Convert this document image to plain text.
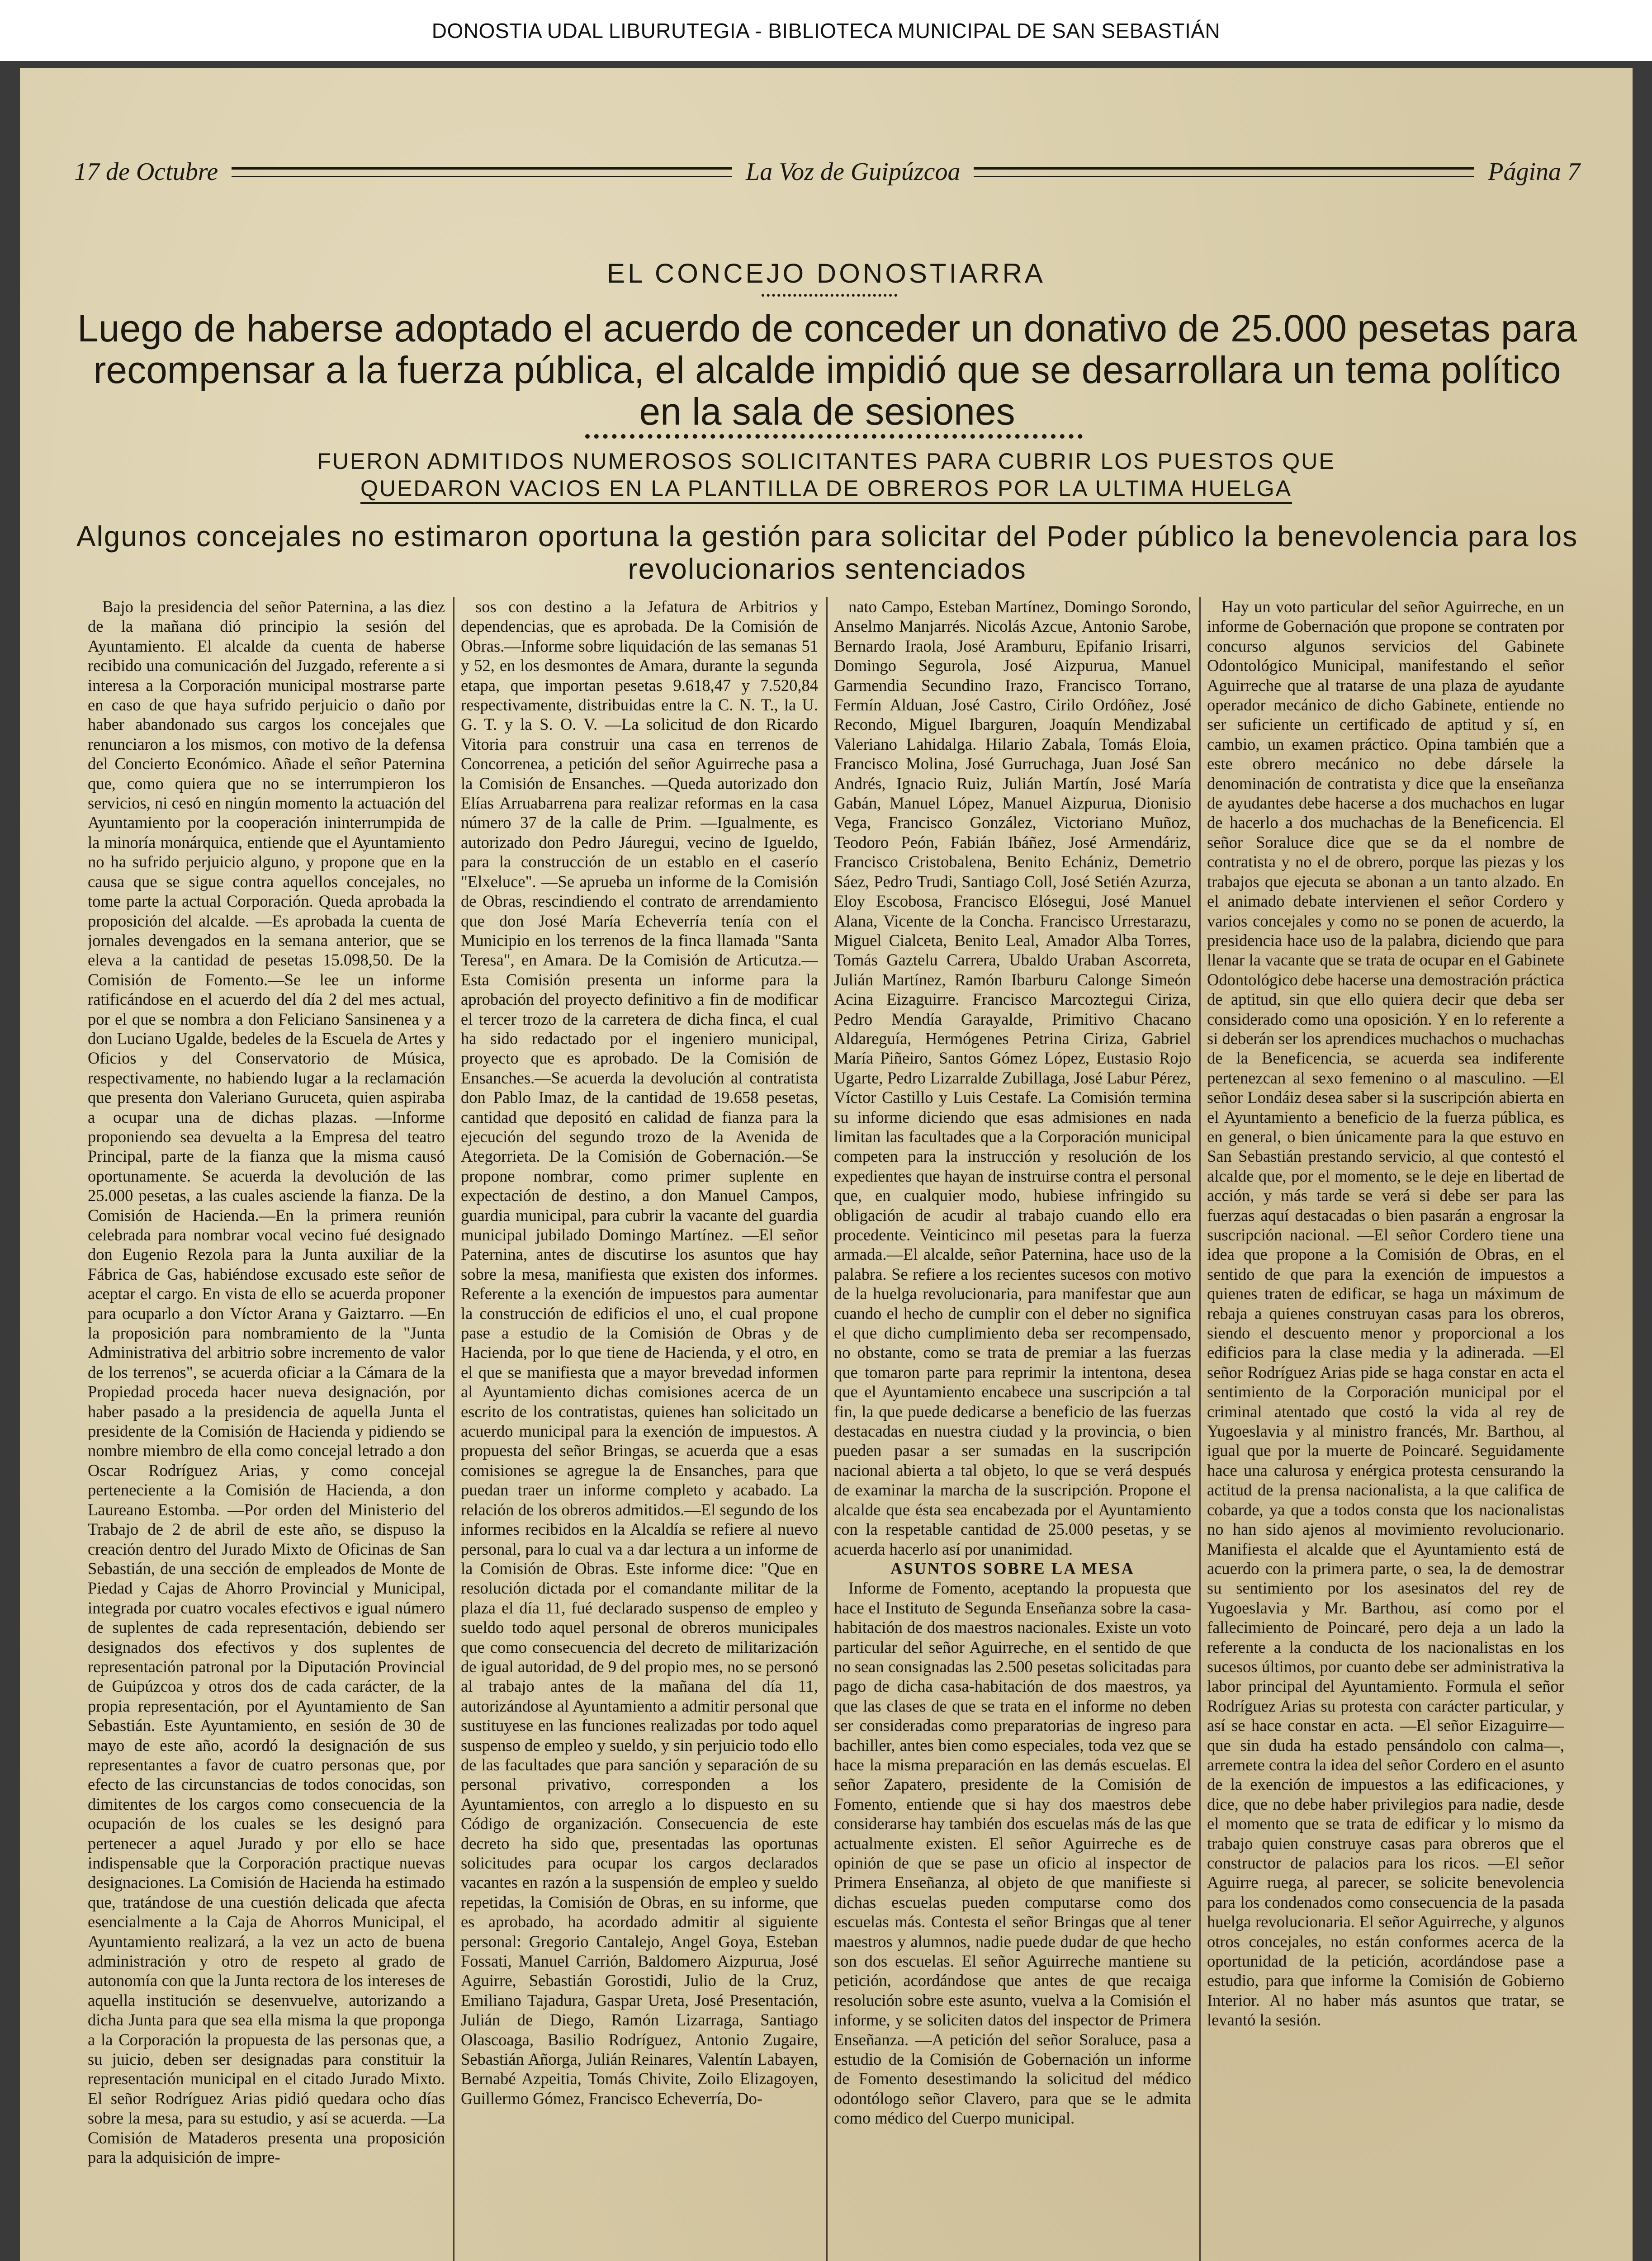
DONOSTIA UDAL LIBURUTEGIA - BIBLIOTECA MUNICIPAL DE SAN SEBASTIÁN
17 de Octubre	La Voz de Guipúzcoa	Página 7
EL CONCEJO DONOSTIARRA
Luego de haberse adoptado el acuerdo de conceder un donativo de 25.000 pesetas para recompensar a la fuerza pública, el alcalde impidió que se desarrollara un tema político en la sala de sesiones
FUERON ADMITIDOS NUMEROSOS SOLICITANTES PARA CUBRIR LOS PUESTOS QUE
QUEDARON VACIOS EN LA PLANTILLA DE OBREROS POR LA ULTIMA HUELGA
Algunos concejales no estimaron oportuna la gestión para solicitar del Poder público la benevolencia para los revolucionarios sentenciados

Bajo la presidencia del señor Paternina, a las diez de la mañana dió principio la sesión del Ayuntamiento. El alcalde da cuenta de haberse recibido una comunicación del Juzgado, referente a si interesa a la Corporación municipal mostrarse parte en caso de que haya sufrido perjuicio o daño por haber abandonado sus cargos los concejales que renunciaron a los mismos, con motivo de la defensa del Concierto Económico. Añade el señor Paternina que, como quiera que no se interrumpieron los servicios, ni cesó en ningún momento la actuación del Ayuntamiento por la cooperación ininterrumpida de la minoría monárquica, entiende que el Ayuntamiento no ha sufrido perjuicio alguno, y propone que en la causa que se sigue contra aquellos concejales, no tome parte la actual Corporación. Queda aprobada la proposición del alcalde. —Es aprobada la cuenta de jornales devengados en la semana anterior, que se eleva a la cantidad de pesetas 15.098,50. De la Comisión de Fomento.—Se lee un informe ratificándose en el acuerdo del día 2 del mes actual, por el que se nombra a don Feliciano Sansinenea y a don Luciano Ugalde, bedeles de la Escuela de Artes y Oficios y del Conservatorio de Música, respectivamente, no habiendo lugar a la reclamación que presenta don Valeriano Guruceta, quien aspiraba a ocupar una de dichas plazas. —Informe proponiendo sea devuelta a la Empresa del teatro Principal, parte de la fianza que la misma causó oportunamente. Se acuerda la devolución de las 25.000 pesetas, a las cuales asciende la fianza. De la Comisión de Hacienda.—En la primera reunión celebrada para nombrar vocal vecino fué designado don Eugenio Rezola para la Junta auxiliar de la Fábrica de Gas, habiéndose excusado este señor de aceptar el cargo. En vista de ello se acuerda proponer para ocuparlo a don Víctor Arana y Gaiztarro. —En la proposición para nombramiento de la "Junta Administrativa del arbitrio sobre incremento de valor de los terrenos", se acuerda oficiar a la Cámara de la Propiedad proceda hacer nueva designación, por haber pasado a la presidencia de aquella Junta el presidente de la Comisión de Hacienda y pidiendo se nombre miembro de ella como concejal letrado a don Oscar Rodríguez Arias, y como concejal perteneciente a la Comisión de Hacienda, a don Laureano Estomba. —Por orden del Ministerio del Trabajo de 2 de abril de este año, se dispuso la creación dentro del Jurado Mixto de Oficinas de San Sebastián, de una sección de empleados de Monte de Piedad y Cajas de Ahorro Provincial y Municipal, integrada por cuatro vocales efectivos e igual número de suplentes de cada representación, debiendo ser designados dos efectivos y dos suplentes de representación patronal por la Diputación Provincial de Guipúzcoa y otros dos de cada carácter, de la propia representación, por el Ayuntamiento de San Sebastián. Este Ayuntamiento, en sesión de 30 de mayo de este año, acordó la designación de sus representantes a favor de cuatro personas que, por efecto de las circunstancias de todos conocidas, son dimitentes de los cargos como consecuencia de la ocupación de los cuales se les designó para pertenecer a aquel Jurado y por ello se hace indispensable que la Corporación practique nuevas designaciones. La Comisión de Hacienda ha estimado que, tratándose de una cuestión delicada que afecta esencialmente a la Caja de Ahorros Municipal, el Ayuntamiento realizará, a la vez un acto de buena administración y otro de respeto al grado de autonomía con que la Junta rectora de los intereses de aquella institución se desenvuelve, autorizando a dicha Junta para que sea ella misma la que proponga a la Corporación la propuesta de las personas que, a su juicio, deben ser designadas para constituir la representación municipal en el citado Jurado Mixto. El señor Rodríguez Arias pidió quedara ocho días sobre la mesa, para su estudio, y así se acuerda. —La Comisión de Mataderos presenta una proposición para la adquisición de impre-

sos con destino a la Jefatura de Arbitrios y dependencias, que es aprobada. De la Comisión de Obras.—Informe sobre liquidación de las semanas 51 y 52, en los desmontes de Amara, durante la segunda etapa, que importan pesetas 9.618,47 y 7.520,84 respectivamente, distribuidas entre la C. N. T., la U. G. T. y la S. O. V. —La solicitud de don Ricardo Vitoria para construir una casa en terrenos de Concorrenea, a petición del señor Aguirreche pasa a la Comisión de Ensanches. —Queda autorizado don Elías Arruabarrena para realizar reformas en la casa número 37 de la calle de Prim. —Igualmente, es autorizado don Pedro Jáuregui, vecino de Igueldo, para la construcción de un establo en el caserío "Elxeluce". —Se aprueba un informe de la Comisión de Obras, rescindiendo el contrato de arrendamiento que don José María Echeverría tenía con el Municipio en los terrenos de la finca llamada "Santa Teresa", en Amara. De la Comisión de Articutza.—Esta Comisión presenta un informe para la aprobación del proyecto definitivo a fin de modificar el tercer trozo de la carretera de dicha finca, el cual ha sido redactado por el ingeniero municipal, proyecto que es aprobado. De la Comisión de Ensanches.—Se acuerda la devolución al contratista don Pablo Imaz, de la cantidad de 19.658 pesetas, cantidad que depositó en calidad de fianza para la ejecución del segundo trozo de la Avenida de Ategorrieta. De la Comisión de Gobernación.—Se propone nombrar, como primer suplente en expectación de destino, a don Manuel Campos, guardia municipal, para cubrir la vacante del guardia municipal jubilado Domingo Martínez. —El señor Paternina, antes de discutirse los asuntos que hay sobre la mesa, manifiesta que existen dos informes. Referente a la exención de impuestos para aumentar la construcción de edificios el uno, el cual propone pase a estudio de la Comisión de Obras y de Hacienda, por lo que tiene de Hacienda, y el otro, en el que se manifiesta que a mayor brevedad informen al Ayuntamiento dichas comisiones acerca de un escrito de los contratistas, quienes han solicitado un acuerdo municipal para la exención de impuestos. A propuesta del señor Bringas, se acuerda que a esas comisiones se agregue la de Ensanches, para que puedan traer un informe completo y acabado. La relación de los obreros admitidos.—El segundo de los informes recibidos en la Alcaldía se refiere al nuevo personal, para lo cual va a dar lectura a un informe de la Comisión de Obras. Este informe dice: "Que en resolución dictada por el comandante militar de la plaza el día 11, fué declarado suspenso de empleo y sueldo todo aquel personal de obreros municipales que como consecuencia del decreto de militarización de igual autoridad, de 9 del propio mes, no se personó al trabajo antes de la mañana del día 11, autorizándose al Ayuntamiento a admitir personal que sustituyese en las funciones realizadas por todo aquel suspenso de empleo y sueldo, y sin perjuicio todo ello de las facultades que para sanción y separación de su personal privativo, corresponden a los Ayuntamientos, con arreglo a lo dispuesto en su Código de organización. Consecuencia de este decreto ha sido que, presentadas las oportunas solicitudes para ocupar los cargos declarados vacantes en razón a la suspensión de empleo y sueldo repetidas, la Comisión de Obras, en su informe, que es aprobado, ha acordado admitir al siguiente personal: Gregorio Cantalejo, Angel Goya, Esteban Fossati, Manuel Carrión, Baldomero Aizpurua, José Aguirre, Sebastián Gorostidi, Julio de la Cruz, Emiliano Tajadura, Gaspar Ureta, José Presentación, Julián de Diego, Ramón Lizarraga, Santiago Olascoaga, Basilio Rodríguez, Antonio Zugaire, Sebastián Añorga, Julián Reinares, Valentín Labayen, Bernabé Azpeitia, Tomás Chivite, Zoilo Elizagoyen, Guillermo Gómez, Francisco Echeverría, Do-

nato Campo, Esteban Martínez, Domingo Sorondo, Anselmo Manjarrés. Nicolás Azcue, Antonio Sarobe, Bernardo Iraola, José Aramburu, Epifanio Irisarri, Domingo Segurola, José Aizpurua, Manuel Garmendia Secundino Irazo, Francisco Torrano, Fermín Alduan, José Castro, Cirilo Ordóñez, José Recondo, Miguel Ibarguren, Joaquín Mendizabal Valeriano Lahidalga. Hilario Zabala, Tomás Eloia, Francisco Molina, José Gurruchaga, Juan José San Andrés, Ignacio Ruiz, Julián Martín, José María Gabán, Manuel López, Manuel Aizpurua, Dionisio Vega, Francisco González, Victoriano Muñoz, Teodoro Peón, Fabián Ibáñez, José Armendáriz, Francisco Cristobalena, Benito Echániz, Demetrio Sáez, Pedro Trudi, Santiago Coll, José Setién Azurza, Eloy Escobosa, Francisco Elósegui, José Manuel Alana, Vicente de la Concha. Francisco Urrestarazu, Miguel Cialceta, Benito Leal, Amador Alba Torres, Tomás Gaztelu Carrera, Ubaldo Uraban Ascorreta, Julián Martínez, Ramón Ibarburu Calonge Simeón Acina Eizaguirre. Francisco Marcoztegui Ciriza, Pedro Mendía Garayalde, Primitivo Chacano Aldareguía, Hermógenes Petrina Ciriza, Gabriel María Piñeiro, Santos Gómez López, Eustasio Rojo Ugarte, Pedro Lizarralde Zubillaga, José Labur Pérez, Víctor Castillo y Luis Cestafe. La Comisión termina su informe diciendo que esas admisiones en nada limitan las facultades que a la Corporación municipal competen para la instrucción y resolución de los expedientes que hayan de instruirse contra el personal que, en cualquier modo, hubiese infringido su obligación de acudir al trabajo cuando ello era procedente. Veinticinco mil pesetas para la fuerza armada.—El alcalde, señor Paternina, hace uso de la palabra. Se refiere a los recientes sucesos con motivo de la huelga revolucionaria, para manifestar que aun cuando el hecho de cumplir con el deber no significa el que dicho cumplimiento deba ser recompensado, no obstante, como se trata de premiar a las fuerzas que tomaron parte para reprimir la intentona, desea que el Ayuntamiento encabece una suscripción a tal fin, la que puede dedicarse a beneficio de las fuerzas destacadas en nuestra ciudad y la provincia, o bien pueden pasar a ser sumadas en la suscripción nacional abierta a tal objeto, lo que se verá después de examinar la marcha de la suscripción. Propone el alcalde que ésta sea encabezada por el Ayuntamiento con la respetable cantidad de 25.000 pesetas, y se acuerda hacerlo así por unanimidad.

ASUNTOS SOBRE LA MESA

Informe de Fomento, aceptando la propuesta que hace el Instituto de Segunda Enseñanza sobre la casa-habitación de dos maestros nacionales. Existe un voto particular del señor Aguirreche, en el sentido de que no sean consignadas las 2.500 pesetas solicitadas para pago de dicha casa-habitación de dos maestros, ya que las clases de que se trata en el informe no deben ser consideradas como preparatorias de ingreso para bachiller, antes bien como especiales, toda vez que se hace la misma preparación en las demás escuelas. El señor Zapatero, presidente de la Comisión de Fomento, entiende que si hay dos maestros debe considerarse hay también dos escuelas más de las que actualmente existen. El señor Aguirreche es de opinión de que se pase un oficio al inspector de Primera Enseñanza, al objeto de que manifieste si dichas escuelas pueden computarse como dos escuelas más. Contesta el señor Bringas que al tener maestros y alumnos, nadie puede dudar de que hecho son dos escuelas. El señor Aguirreche mantiene su petición, acordándose que antes de que recaiga resolución sobre este asunto, vuelva a la Comisión el informe, y se soliciten datos del inspector de Primera Enseñanza. —A petición del señor Soraluce, pasa a estudio de la Comisión de Gobernación un informe de Fomento desestimando la solicitud del médico odontólogo señor Clavero, para que se le admita como médico del Cuerpo municipal.

Hay un voto particular del señor Aguirreche, en un informe de Gobernación que propone se contraten por concurso algunos servicios del Gabinete Odontológico Municipal, manifestando el señor Aguirreche que al tratarse de una plaza de ayudante operador mecánico de dicho Gabinete, entiende no ser suficiente un certificado de aptitud y sí, en cambio, un examen práctico. Opina también que a este obrero mecánico no debe dársele la denominación de contratista y dice que la enseñanza de ayudantes debe hacerse a dos muchachos en lugar de hacerlo a dos muchachas de la Beneficencia. El señor Soraluce dice que se da el nombre de contratista y no el de obrero, porque las piezas y los trabajos que ejecuta se abonan a un tanto alzado. En el animado debate intervienen el señor Cordero y varios concejales y como no se ponen de acuerdo, la presidencia hace uso de la palabra, diciendo que para llenar la vacante que se trata de ocupar en el Gabinete Odontológico debe hacerse una demostración práctica de aptitud, sin que ello quiera decir que deba ser considerado como una oposición. Y en lo referente a si deberán ser los aprendices muchachos o muchachas de la Beneficencia, se acuerda sea indiferente pertenezcan al sexo femenino o al masculino. —El señor Londáiz desea saber si la suscripción abierta en el Ayuntamiento a beneficio de la fuerza pública, es en general, o bien únicamente para la que estuvo en San Sebastián prestando servicio, al que contestó el alcalde que, por el momento, se le deje en libertad de acción, y más tarde se verá si debe ser para las fuerzas aquí destacadas o bien pasarán a engrosar la suscripción nacional. —El señor Cordero tiene una idea que propone a la Comisión de Obras, en el sentido de que para la exención de impuestos a quienes traten de edificar, se haga un máximum de rebaja a quienes construyan casas para los obreros, siendo el descuento menor y proporcional a los edificios para la clase media y la adinerada. —El señor Rodríguez Arias pide se haga constar en acta el sentimiento de la Corporación municipal por el criminal atentado que costó la vida al rey de Yugoeslavia y al ministro francés, Mr. Barthou, al igual que por la muerte de Poincaré. Seguidamente hace una calurosa y enérgica protesta censurando la actitud de la prensa nacionalista, a la que califica de cobarde, ya que a todos consta que los nacionalistas no han sido ajenos al movimiento revolucionario. Manifiesta el alcalde que el Ayuntamiento está de acuerdo con la primera parte, o sea, la de demostrar su sentimiento por los asesinatos del rey de Yugoeslavia y Mr. Barthou, así como por el fallecimiento de Poincaré, pero deja a un lado la referente a la conducta de los nacionalistas en los sucesos últimos, por cuanto debe ser administrativa la labor principal del Ayuntamiento. Formula el señor Rodríguez Arias su protesta con carácter particular, y así se hace constar en acta. —El señor Eizaguirre—que sin duda ha estado pensándolo con calma—, arremete contra la idea del señor Cordero en el asunto de la exención de impuestos a las edificaciones, y dice, que no debe haber privilegios para nadie, desde el momento que se trata de edificar y lo mismo da trabajo quien construye casas para obreros que el constructor de palacios para los ricos. —El señor Aguirre ruega, al parecer, se solicite benevolencia para los condenados como consecuencia de la pasada huelga revolucionaria. El señor Aguirreche, y algunos otros concejales, no están conformes acerca de la oportunidad de la petición, acordándose pase a estudio, para que informe la Comisión de Gobierno Interior. Al no haber más asuntos que tratar, se levantó la sesión.
